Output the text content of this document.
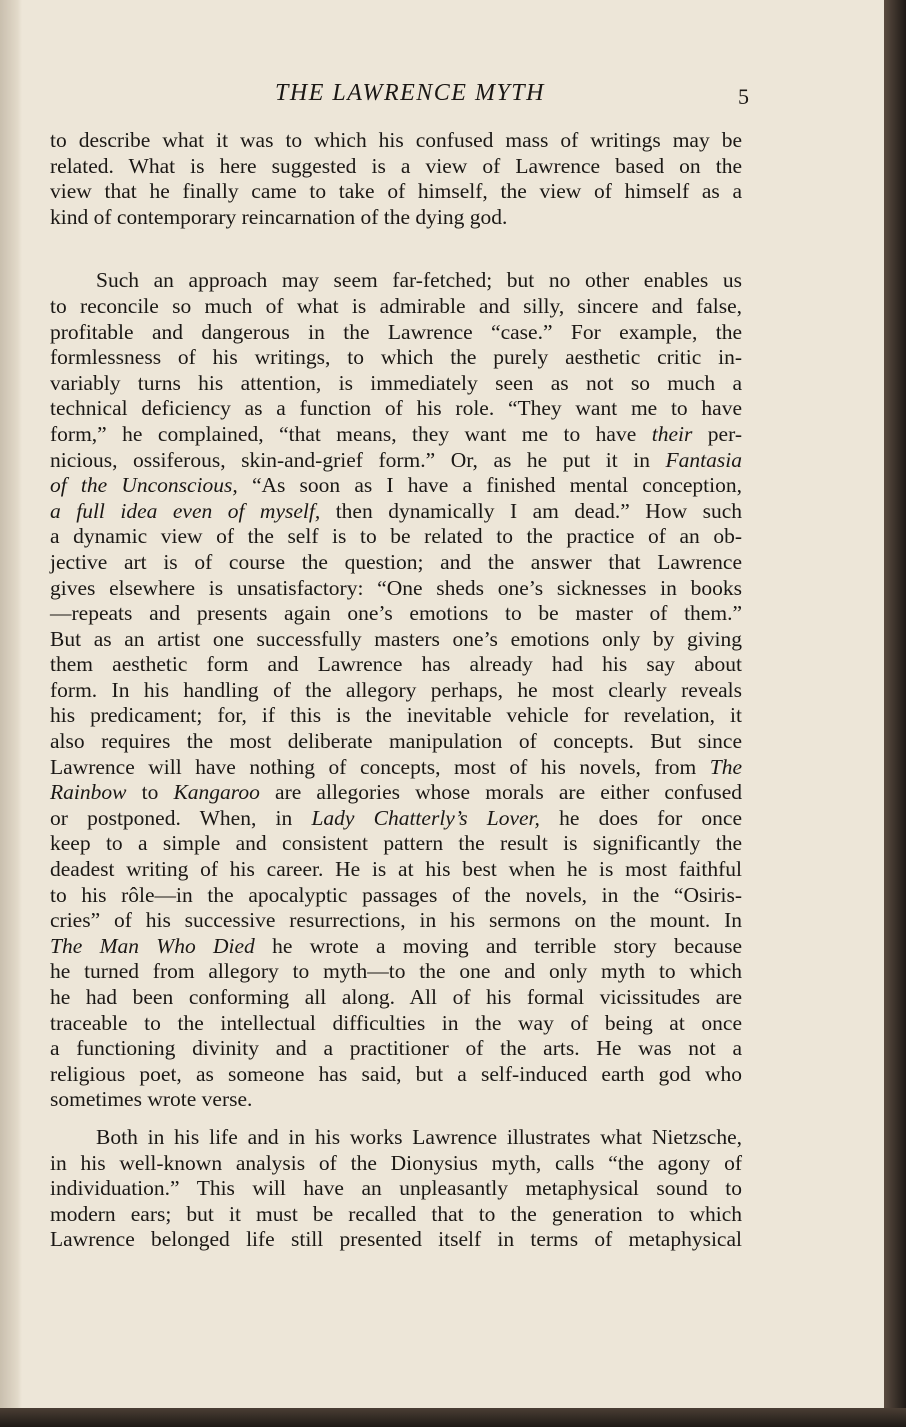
THE LAWRENCE MYTH	5

to describe what it was to which his confused mass of writings may be
related. What is here suggested is a view of Lawrence based on the
view that he finally came to take of himself, the view of himself as a
kind of contemporary reincarnation of the dying god.

Such an approach may seem far-fetched; but no other enables us
to reconcile so much of what is admirable and silly, sincere and false,
profitable and dangerous in the Lawrence “case.” For example, the
formlessness of his writings, to which the purely aesthetic critic in-
variably turns his attention, is immediately seen as not so much a
technical deficiency as a function of his role. “They want me to have
form,” he complained, “that means, they want me to have their per-
nicious, ossiferous, skin-and-grief form.” Or, as he put it in Fantasia
of the Unconscious, “As soon as I have a finished mental conception,
a full idea even of myself, then dynamically I am dead.” How such
a dynamic view of the self is to be related to the practice of an ob-
jective art is of course the question; and the answer that Lawrence
gives elsewhere is unsatisfactory: “One sheds one’s sicknesses in books
—repeats and presents again one’s emotions to be master of them.”
But as an artist one successfully masters one’s emotions only by giving
them aesthetic form and Lawrence has already had his say about
form. In his handling of the allegory perhaps, he most clearly reveals
his predicament; for, if this is the inevitable vehicle for revelation, it
also requires the most deliberate manipulation of concepts. But since
Lawrence will have nothing of concepts, most of his novels, from The
Rainbow to Kangaroo are allegories whose morals are either confused
or postponed. When, in Lady Chatterly’s Lover, he does for once
keep to a simple and consistent pattern the result is significantly the
deadest writing of his career. He is at his best when he is most faithful
to his rôle—in the apocalyptic passages of the novels, in the “Osiris-
cries” of his successive resurrections, in his sermons on the mount. In
The Man Who Died he wrote a moving and terrible story because
he turned from allegory to myth—to the one and only myth to which
he had been conforming all along. All of his formal vicissitudes are
traceable to the intellectual difficulties in the way of being at once
a functioning divinity and a practitioner of the arts. He was not a
religious poet, as someone has said, but a self-induced earth god who
sometimes wrote verse.

Both in his life and in his works Lawrence illustrates what Nietzsche,
in his well-known analysis of the Dionysius myth, calls “the agony of
individuation.” This will have an unpleasantly metaphysical sound to
modern ears; but it must be recalled that to the generation to which
Lawrence belonged life still presented itself in terms of metaphysical
